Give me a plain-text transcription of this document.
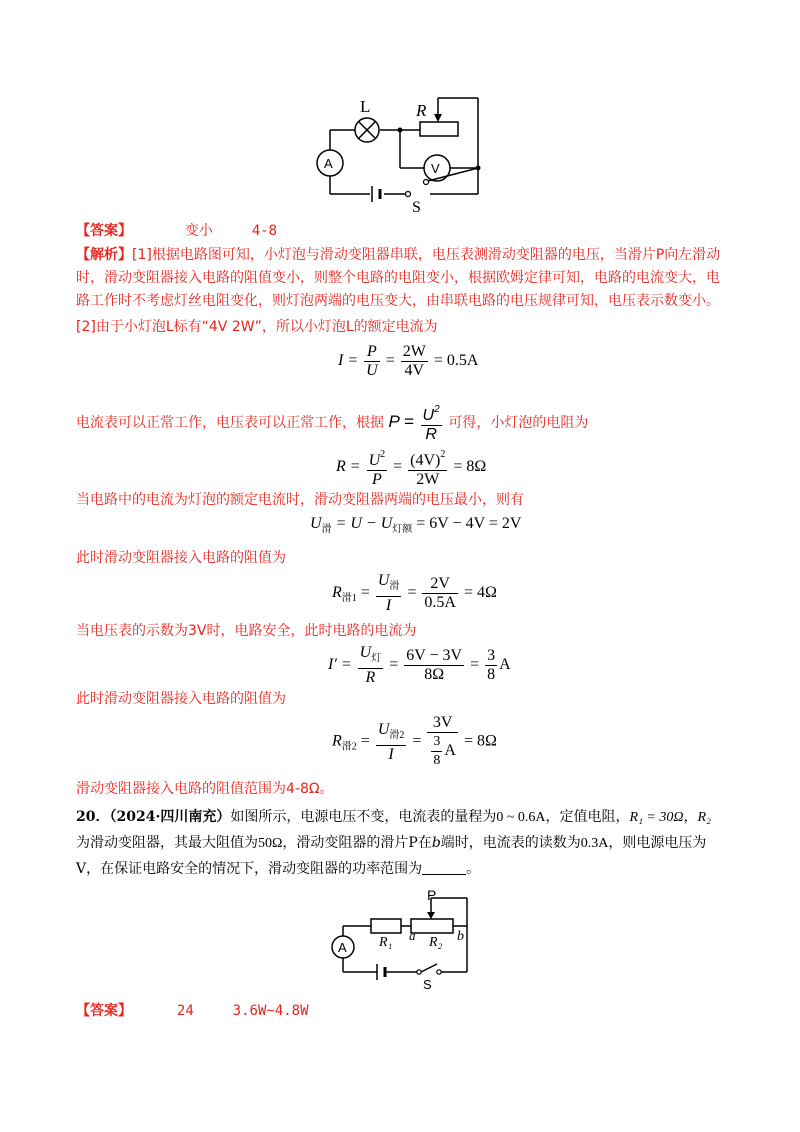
L	R
A	V
S
【答案】	变小	4-8
【解析】[1]根据电路图可知，小灯泡与滑动变阻器串联，电压表测滑动变阻器的电压，当滑片P向左滑动时，滑动变阻器接入电路的阻值变小，则整个电路的电阻变小，根据欧姆定律可知，电路的电流变大，电路工作时不考虑灯丝电阻变化，则灯泡两端的电压变大，由串联电路的电压规律可知，电压表示数变小。
[2]由于小灯泡L标有“4V 2W”，所以小灯泡L的额定电流为
$I = \frac{P}{U} = \frac{2W}{4V} = 0.5A$
电流表可以正常工作，电压表可以正常工作，根据 $P = \frac{U^2}{R}$ 可得，小灯泡的电阻为
$R = \frac{U^2}{P} = \frac{(4V)^2}{2W} = 8\Omega$
当电路中的电流为灯泡的额定电流时，滑动变阻器两端的电压最小，则有
$U_滑 = U - U_{灯额} = 6V - 4V = 2V$
此时滑动变阻器接入电路的阻值为
$R_{滑1} = \frac{U_滑}{I} = \frac{2V}{0.5A} = 4\Omega$
当电压表的示数为3V时，电路安全，此时电路的电流为
$I' = \frac{U_灯}{R} = \frac{6V - 3V}{8\Omega} = \frac{3}{8}$ A
此时滑动变阻器接入电路的阻值为
$R_{滑2} = \frac{U_{滑2}}{I} = \frac{3V}{\frac{3}{8} A} = 8\Omega$
滑动变阻器接入电路的阻值范围为4-8Ω。
20．（2024·四川南充）如图所示，电源电压不变，电流表的量程为0 ~ 0.6A，定值电阻，R₁ = 30Ω，R₂
为滑动变阻器，其最大阻值为50Ω，滑动变阻器的滑片P在b端时，电流表的读数为0.3A，则电源电压为
V，在保证电路安全的情况下，滑动变阻器的功率范围为	。
A R₁	R₂
P
a	b
S
【答案】	24	3.6W~4.8W
